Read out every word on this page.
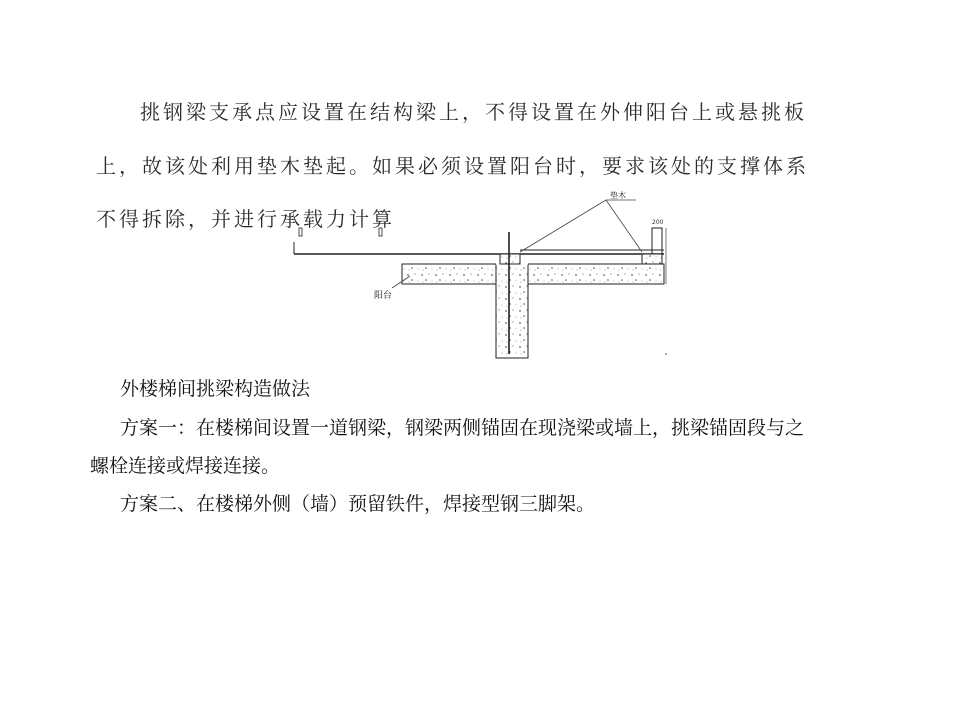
挑钢梁支承点应设置在结构梁上，不得设置在外伸阳台上或悬挑板
上，故该处利用垫木垫起。如果必须设置阳台时，要求该处的支撑体系
不得拆除，并进行承载力计算
垫木
200
阳台
外楼梯间挑梁构造做法
方案一：在楼梯间设置一道钢梁，钢梁两侧锚固在现浇梁或墙上，挑梁锚固段与之
螺栓连接或焊接连接。
方案二、在楼梯外侧（墙）预留铁件，焊接型钢三脚架。
